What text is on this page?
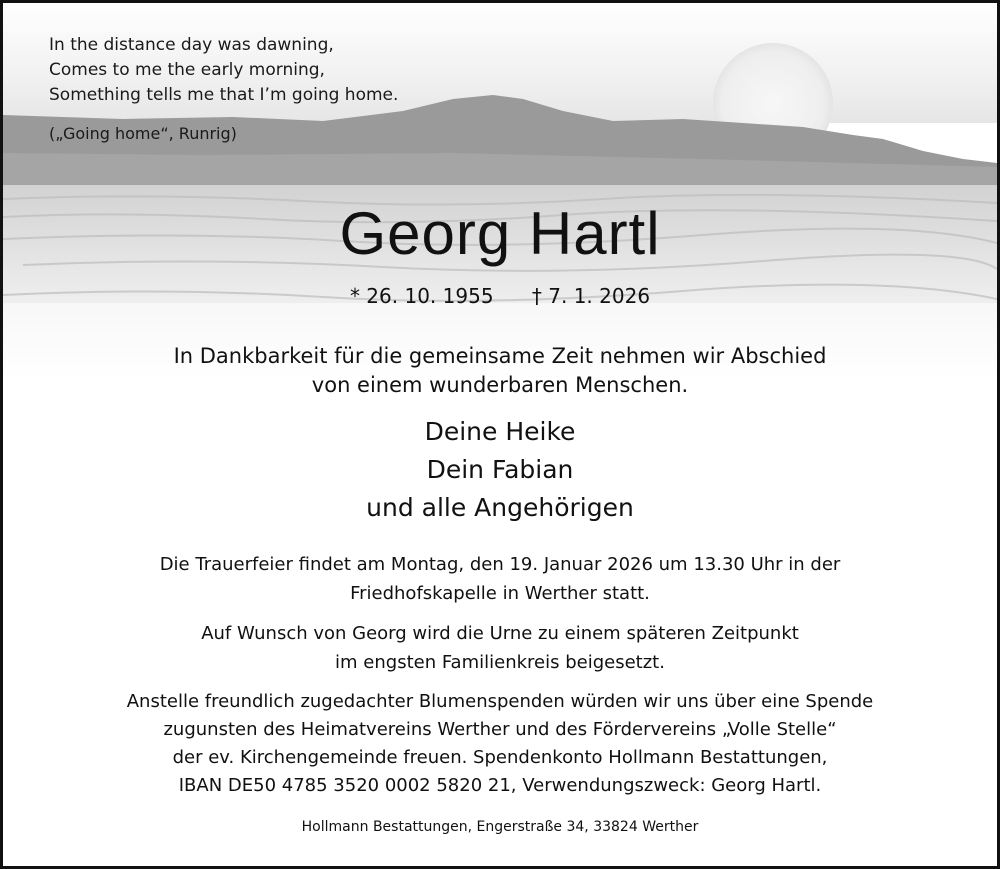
In the distance day was dawning,
Comes to me the early morning,
Something tells me that I’m going home.
(„Going home“, Runrig)
Georg Hartl
* 26. 10. 1955 † 7. 1. 2026
In Dankbarkeit für die gemeinsame Zeit nehmen wir Abschied
von einem wunderbaren Menschen.
Deine Heike
Dein Fabian
und alle Angehörigen
Die Trauerfeier findet am Montag, den 19. Januar 2026 um 13.30 Uhr in der
Friedhofskapelle in Werther statt.
Auf Wunsch von Georg wird die Urne zu einem späteren Zeitpunkt
im engsten Familienkreis beigesetzt.
Anstelle freundlich zugedachter Blumenspenden würden wir uns über eine Spende
zugunsten des Heimatvereins Werther und des Fördervereins „Volle Stelle“
der ev. Kirchengemeinde freuen. Spendenkonto Hollmann Bestattungen,
IBAN DE50 4785 3520 0002 5820 21, Verwendungszweck: Georg Hartl.
Hollmann Bestattungen, Engerstraße 34, 33824 Werther
